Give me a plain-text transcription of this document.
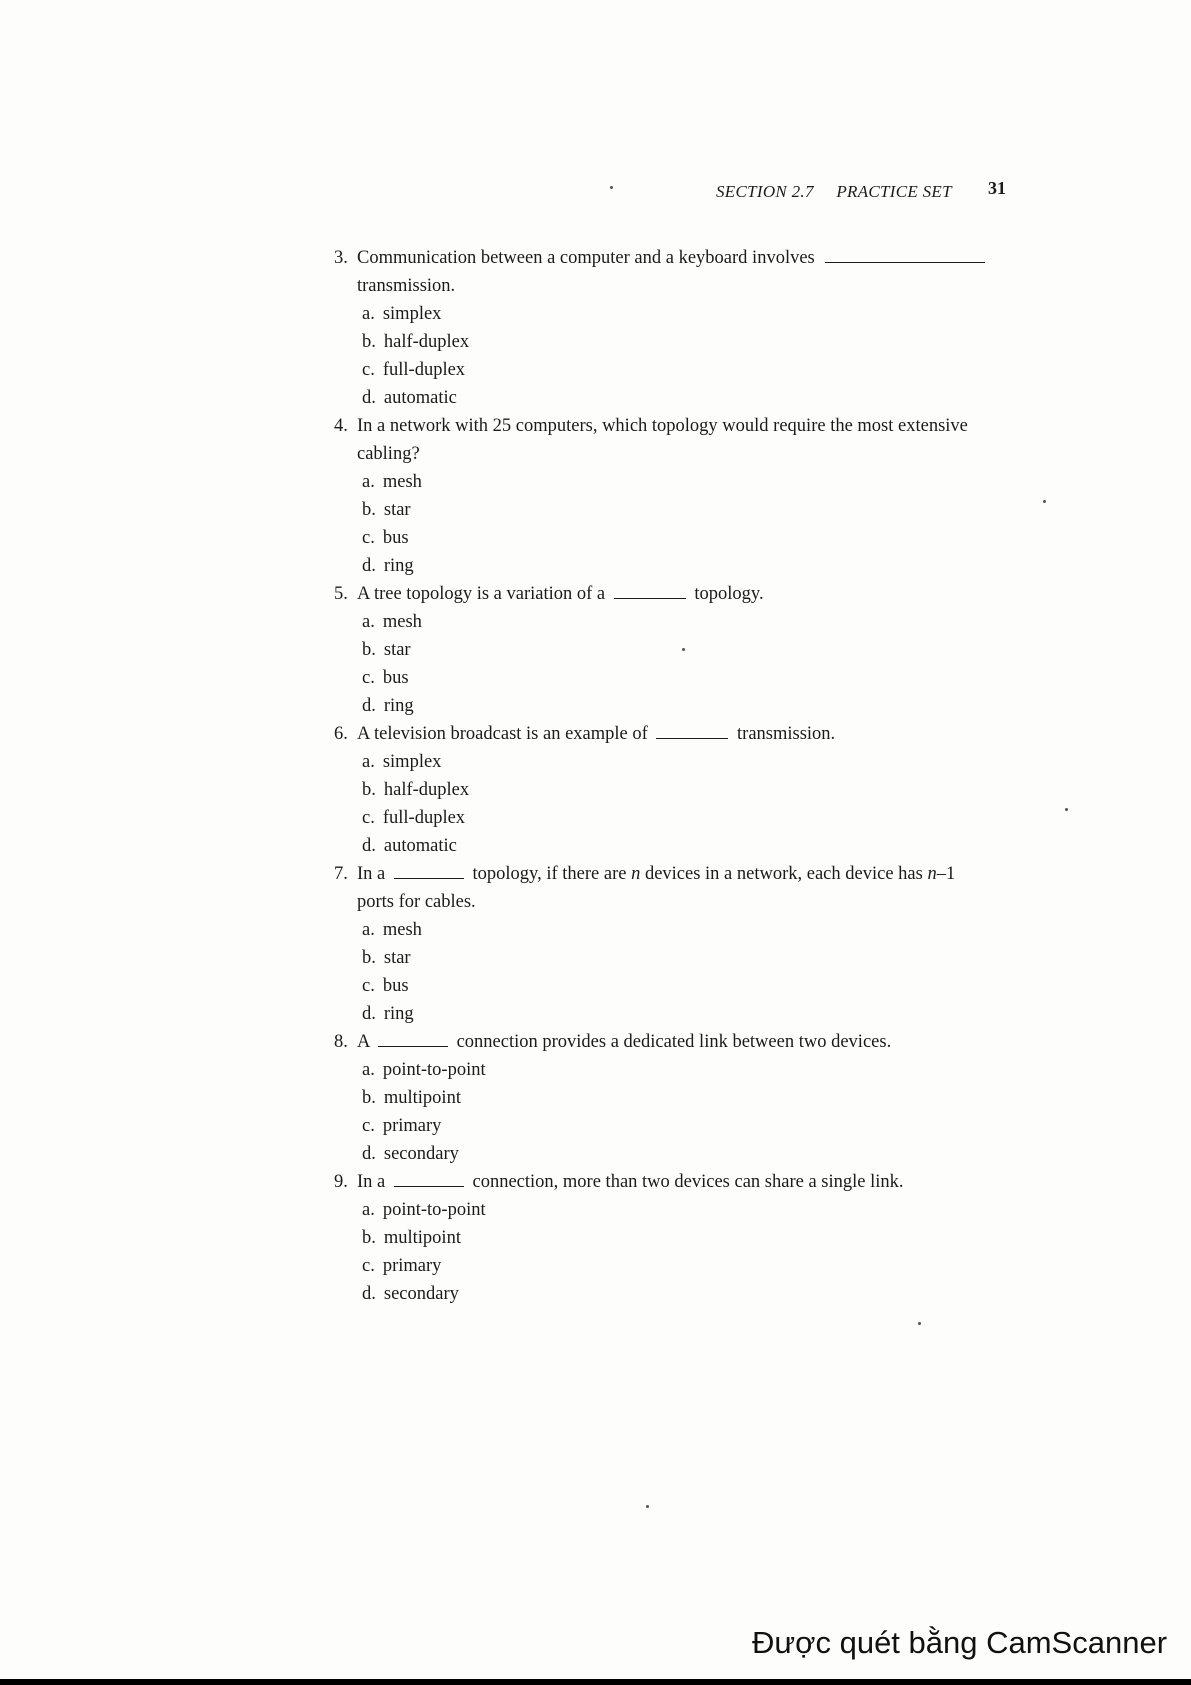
SECTION 2.7 PRACTICE SET 31
3. Communication between a computer and a keyboard involves
transmission.
a. simplex
b. half-duplex
c. full-duplex
d. automatic
4. In a network with 25 computers, which topology would require the most extensive
cabling?
a. mesh
b. star
c. bus
d. ring
5. A tree topology is a variation of a	topology.
a. mesh
b. star
c. bus
d. ring
6. A television broadcast is an example of	transmission.
a. simplex
b. half-duplex
c. full-duplex
d. automatic
7. In a	topology, if there are n devices in a network, each device has n–1
ports for cables.
a. mesh
b. star
c. bus
d. ring
8. A	connection provides a dedicated link between two devices.
a. point-to-point
b. multipoint
c. primary
d. secondary
9. In a	connection, more than two devices can share a single link.
a. point-to-point
b. multipoint
c. primary
d. secondary
Được quét bằng CamScanner
